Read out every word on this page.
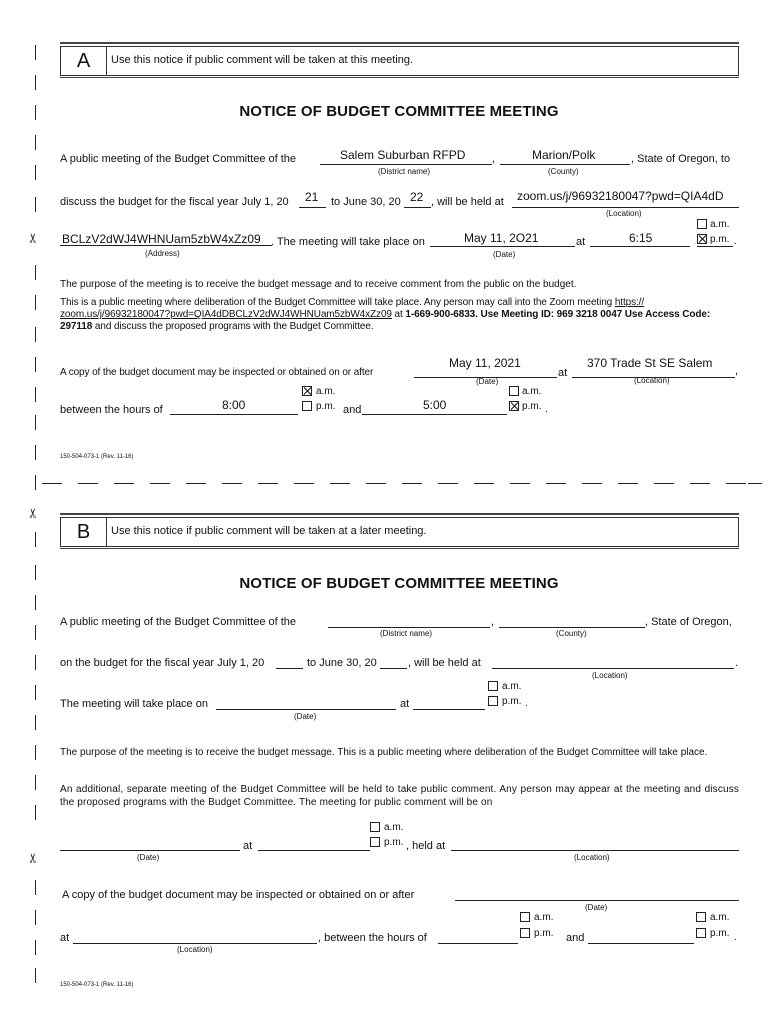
✂
✂
✂
A	Use this notice if public comment will be taken at this meeting.
NOTICE OF BUDGET COMMITTEE MEETING
A public meeting of the Budget Committee of the	Salem Suburban RFPD
(District name)
,	Marion/Polk
(County)
, State of Oregon, to
discuss the budget for the fiscal year July 1, 20 21 to June 30, 20 22 , will be held at zoom.us/j/96932180047?pwd=QIA4dD
(Location)
BCLzV2dWJ4WHNUam5zbW4xZz09
(Address)
. The meeting will take place on	May 11, 2O21
(Date)
at	6:15
a.m.
p.m. .
The purpose of the meeting is to receive the budget message and to receive comment from the public on the budget.
This is a public meeting where deliberation of the Budget Committee will take place. Any person may call into the Zoom meeting https:// zoom.us/j/96932180047?pwd=QIA4dDBCLzV2dWJ4WHNUam5zbW4xZz09 at 1-669-900-6833. Use Meeting ID: 969 3218 0047 Use Access Code: 297118 and discuss the proposed programs with the Budget Committee.
A copy of the budget document may be inspected or obtained on or after
May 11, 2021
(Date)
at
370 Trade St SE Salem
(Location)
,
between the hours of	8:00
a.m.
p.m. and	5:00
a.m.
p.m. .
150-504-073-1 (Rev. 11-16)
B	Use this notice if public comment will be taken at a later meeting.
NOTICE OF BUDGET COMMITTEE MEETING
A public meeting of the Budget Committee of the
(District name)
,
(County)
, State of Oregon,
on the budget for the fiscal year July 1, 20	to June 30, 20	, will be held at	.
(Location)
The meeting will take place on
(Date)
at
a.m.
p.m. .
The purpose of the meeting is to receive the budget message. This is a public meeting where deliberation of the Budget Committee will take place.
An additional, separate meeting of the Budget Committee will be held to take public comment. Any person may appear at the meeting and discuss the proposed programs with the Budget Committee. The meeting for public comment will be on
(Date)
at
a.m.
p.m. , held at
(Location)
A copy of the budget document may be inspected or obtained on or after
(Date)
at
(Location)
, between the hours of
a.m.
p.m. and
a.m.
p.m. .
150-504-073-1 (Rev. 11-16)
